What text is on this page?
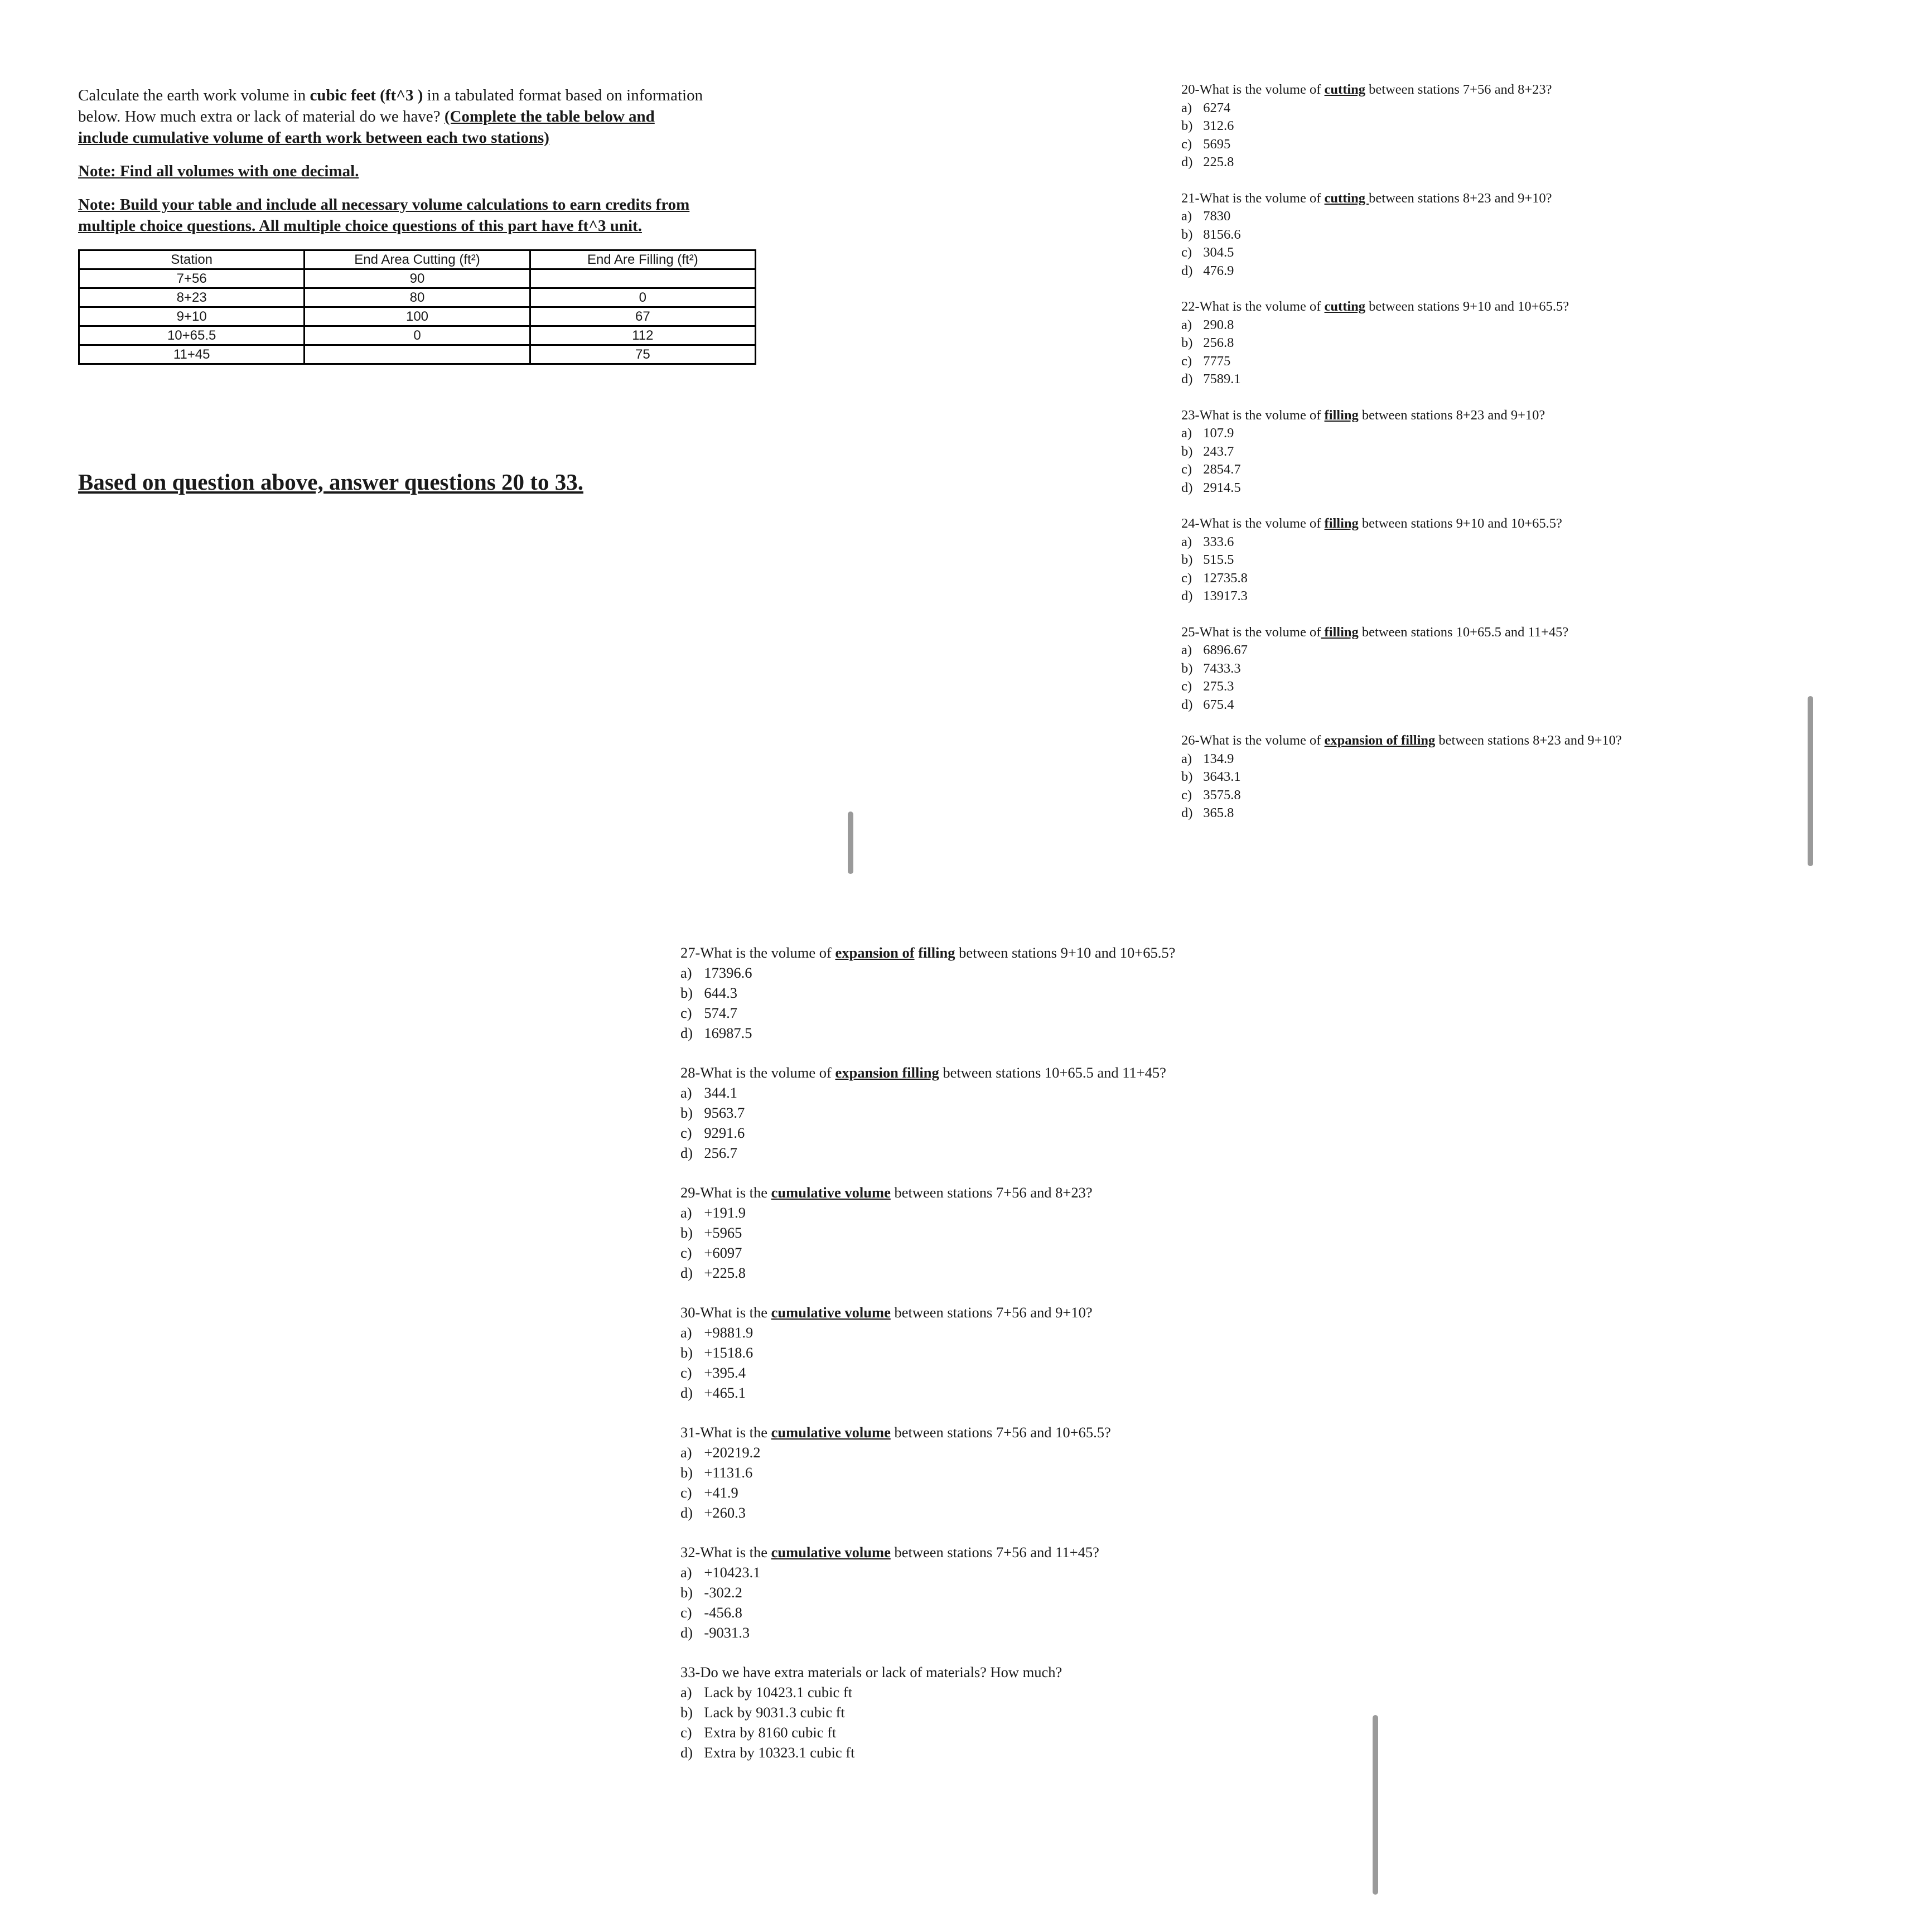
Calculate the earth work volume in cubic feet (ft^3 ) in a tabulated format based on information

below. How much extra or lack of material do we have? (Complete the table below and

include cumulative volume of earth work between each two stations)

Note: Find all volumes with one decimal.

Note: Build your table and include all necessary volume calculations to earn credits from

multiple choice questions. All multiple choice questions of this part have ft^3 unit.

Station	End Area Cutting (ft²)	End Are Filling (ft²)
7+56	90	
8+23	80	0
9+10	100	67
10+65.5	0	112
11+45		75
Based on question above, answer questions 20 to 33.

20-What is the volume of cutting between stations 7+56 and 8+23?

a) 6274

b) 312.6

c) 5695

d) 225.8

21-What is the volume of cutting between stations 8+23 and 9+10?

a) 7830

b) 8156.6

c) 304.5

d) 476.9

22-What is the volume of cutting between stations 9+10 and 10+65.5?

a) 290.8

b) 256.8

c) 7775

d) 7589.1

23-What is the volume of filling between stations 8+23 and 9+10?

a) 107.9

b) 243.7

c) 2854.7

d) 2914.5

24-What is the volume of filling between stations 9+10 and 10+65.5?

a) 333.6

b) 515.5

c) 12735.8

d) 13917.3

25-What is the volume of filling between stations 10+65.5 and 11+45?

a) 6896.67

b) 7433.3

c) 275.3

d) 675.4

26-What is the volume of expansion of filling between stations 8+23 and 9+10?

a) 134.9

b) 3643.1

c) 3575.8

d) 365.8

27-What is the volume of expansion of filling between stations 9+10 and 10+65.5?

a) 17396.6

b) 644.3

c) 574.7

d) 16987.5

28-What is the volume of expansion filling between stations 10+65.5 and 11+45?

a) 344.1

b) 9563.7

c) 9291.6

d) 256.7

29-What is the cumulative volume between stations 7+56 and 8+23?

a) +191.9

b) +5965

c) +6097

d) +225.8

30-What is the cumulative volume between stations 7+56 and 9+10?

a) +9881.9

b) +1518.6

c) +395.4

d) +465.1

31-What is the cumulative volume between stations 7+56 and 10+65.5?

a) +20219.2

b) +1131.6

c) +41.9

d) +260.3

32-What is the cumulative volume between stations 7+56 and 11+45?

a) +10423.1

b) -302.2

c) -456.8

d) -9031.3

33-Do we have extra materials or lack of materials? How much?

a) Lack by 10423.1 cubic ft

b) Lack by 9031.3 cubic ft

c) Extra by 8160 cubic ft

d) Extra by 10323.1 cubic ft
